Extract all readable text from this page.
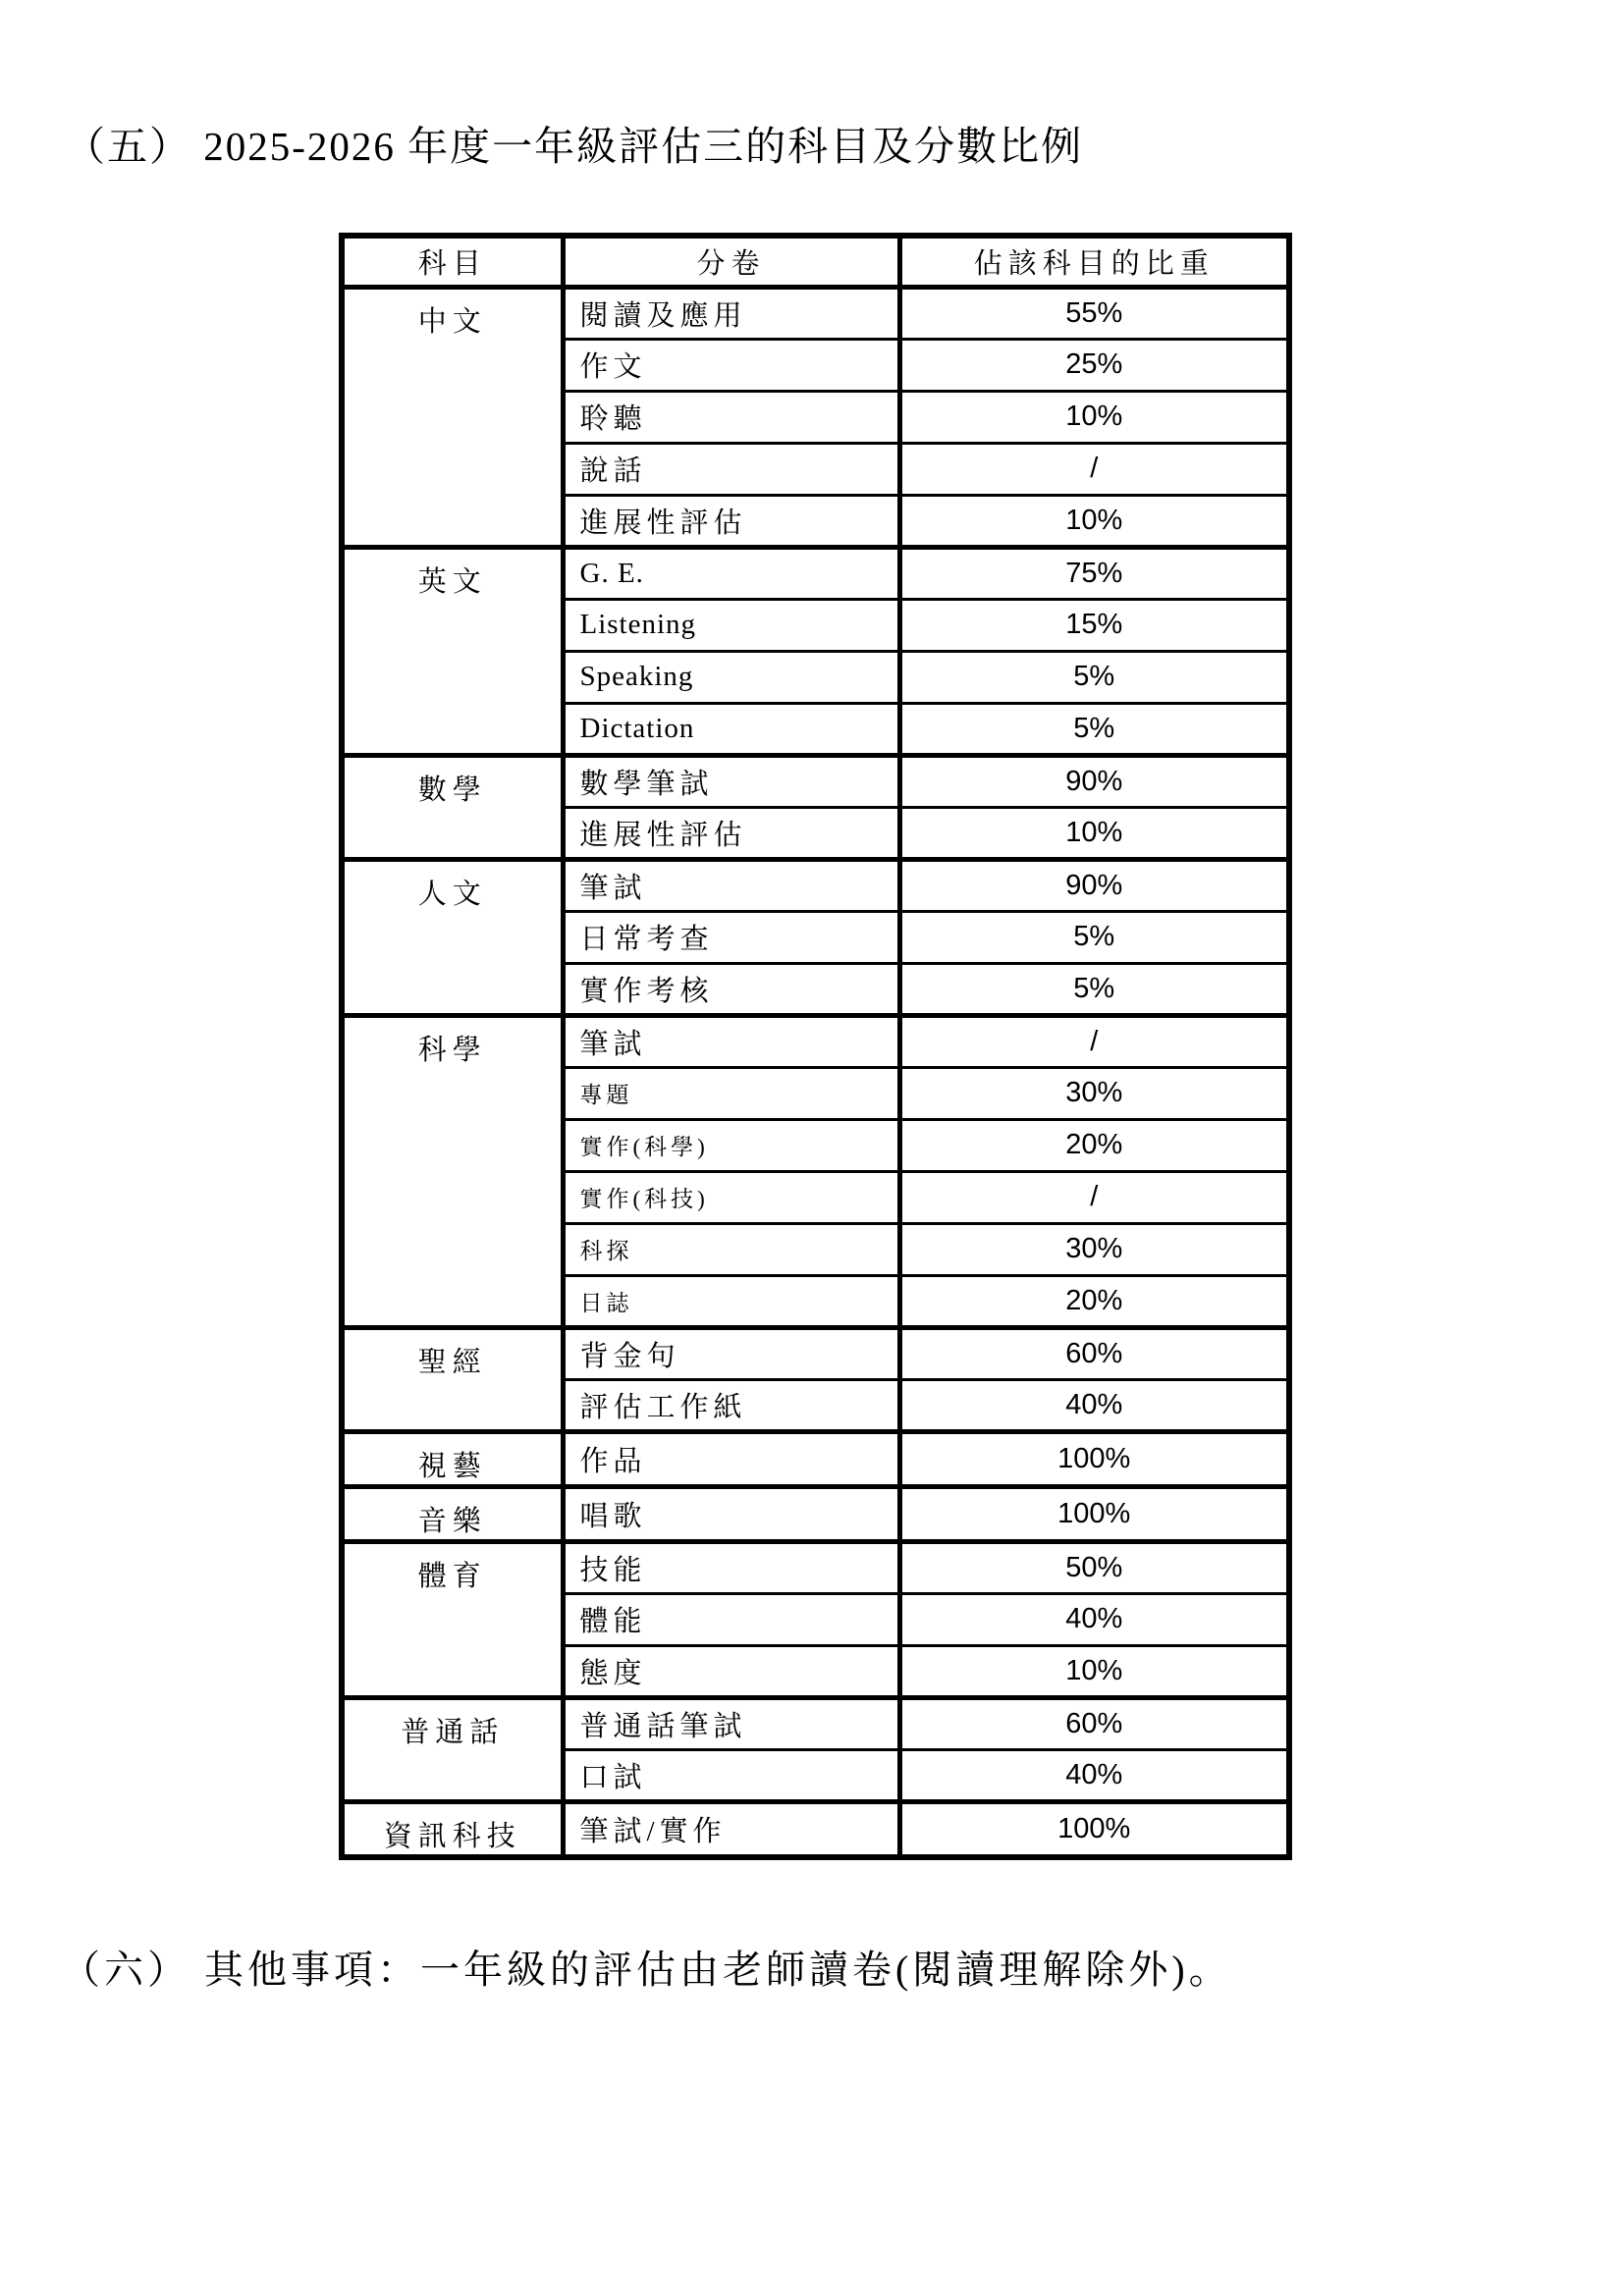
（五） 2025-2026 年度一年級評估三的科目及分數比例
科目	分卷	佔該科目的比重
中文	閱讀及應用	55%
	作文	25%
	聆聽	10%
	說話	/
	進展性評估	10%
英文	G. E.	75%
	Listening	15%
	Speaking	5%
	Dictation	5%
數學	數學筆試	90%
	進展性評估	10%
人文	筆試	90%
	日常考查	5%
	實作考核	5%
科學	筆試	/
	專題	30%
	實作(科學)	20%
	實作(科技)	/
	科探	30%
	日誌	20%
聖經	背金句	60%
	評估工作紙	40%
視藝	作品	100%
音樂	唱歌	100%
體育	技能	50%
	體能	40%
	態度	10%
普通話	普通話筆試	60%
	口試	40%
資訊科技	筆試/實作	100%
（六） 其他事項：一年級的評估由老師讀卷(閱讀理解除外)。
